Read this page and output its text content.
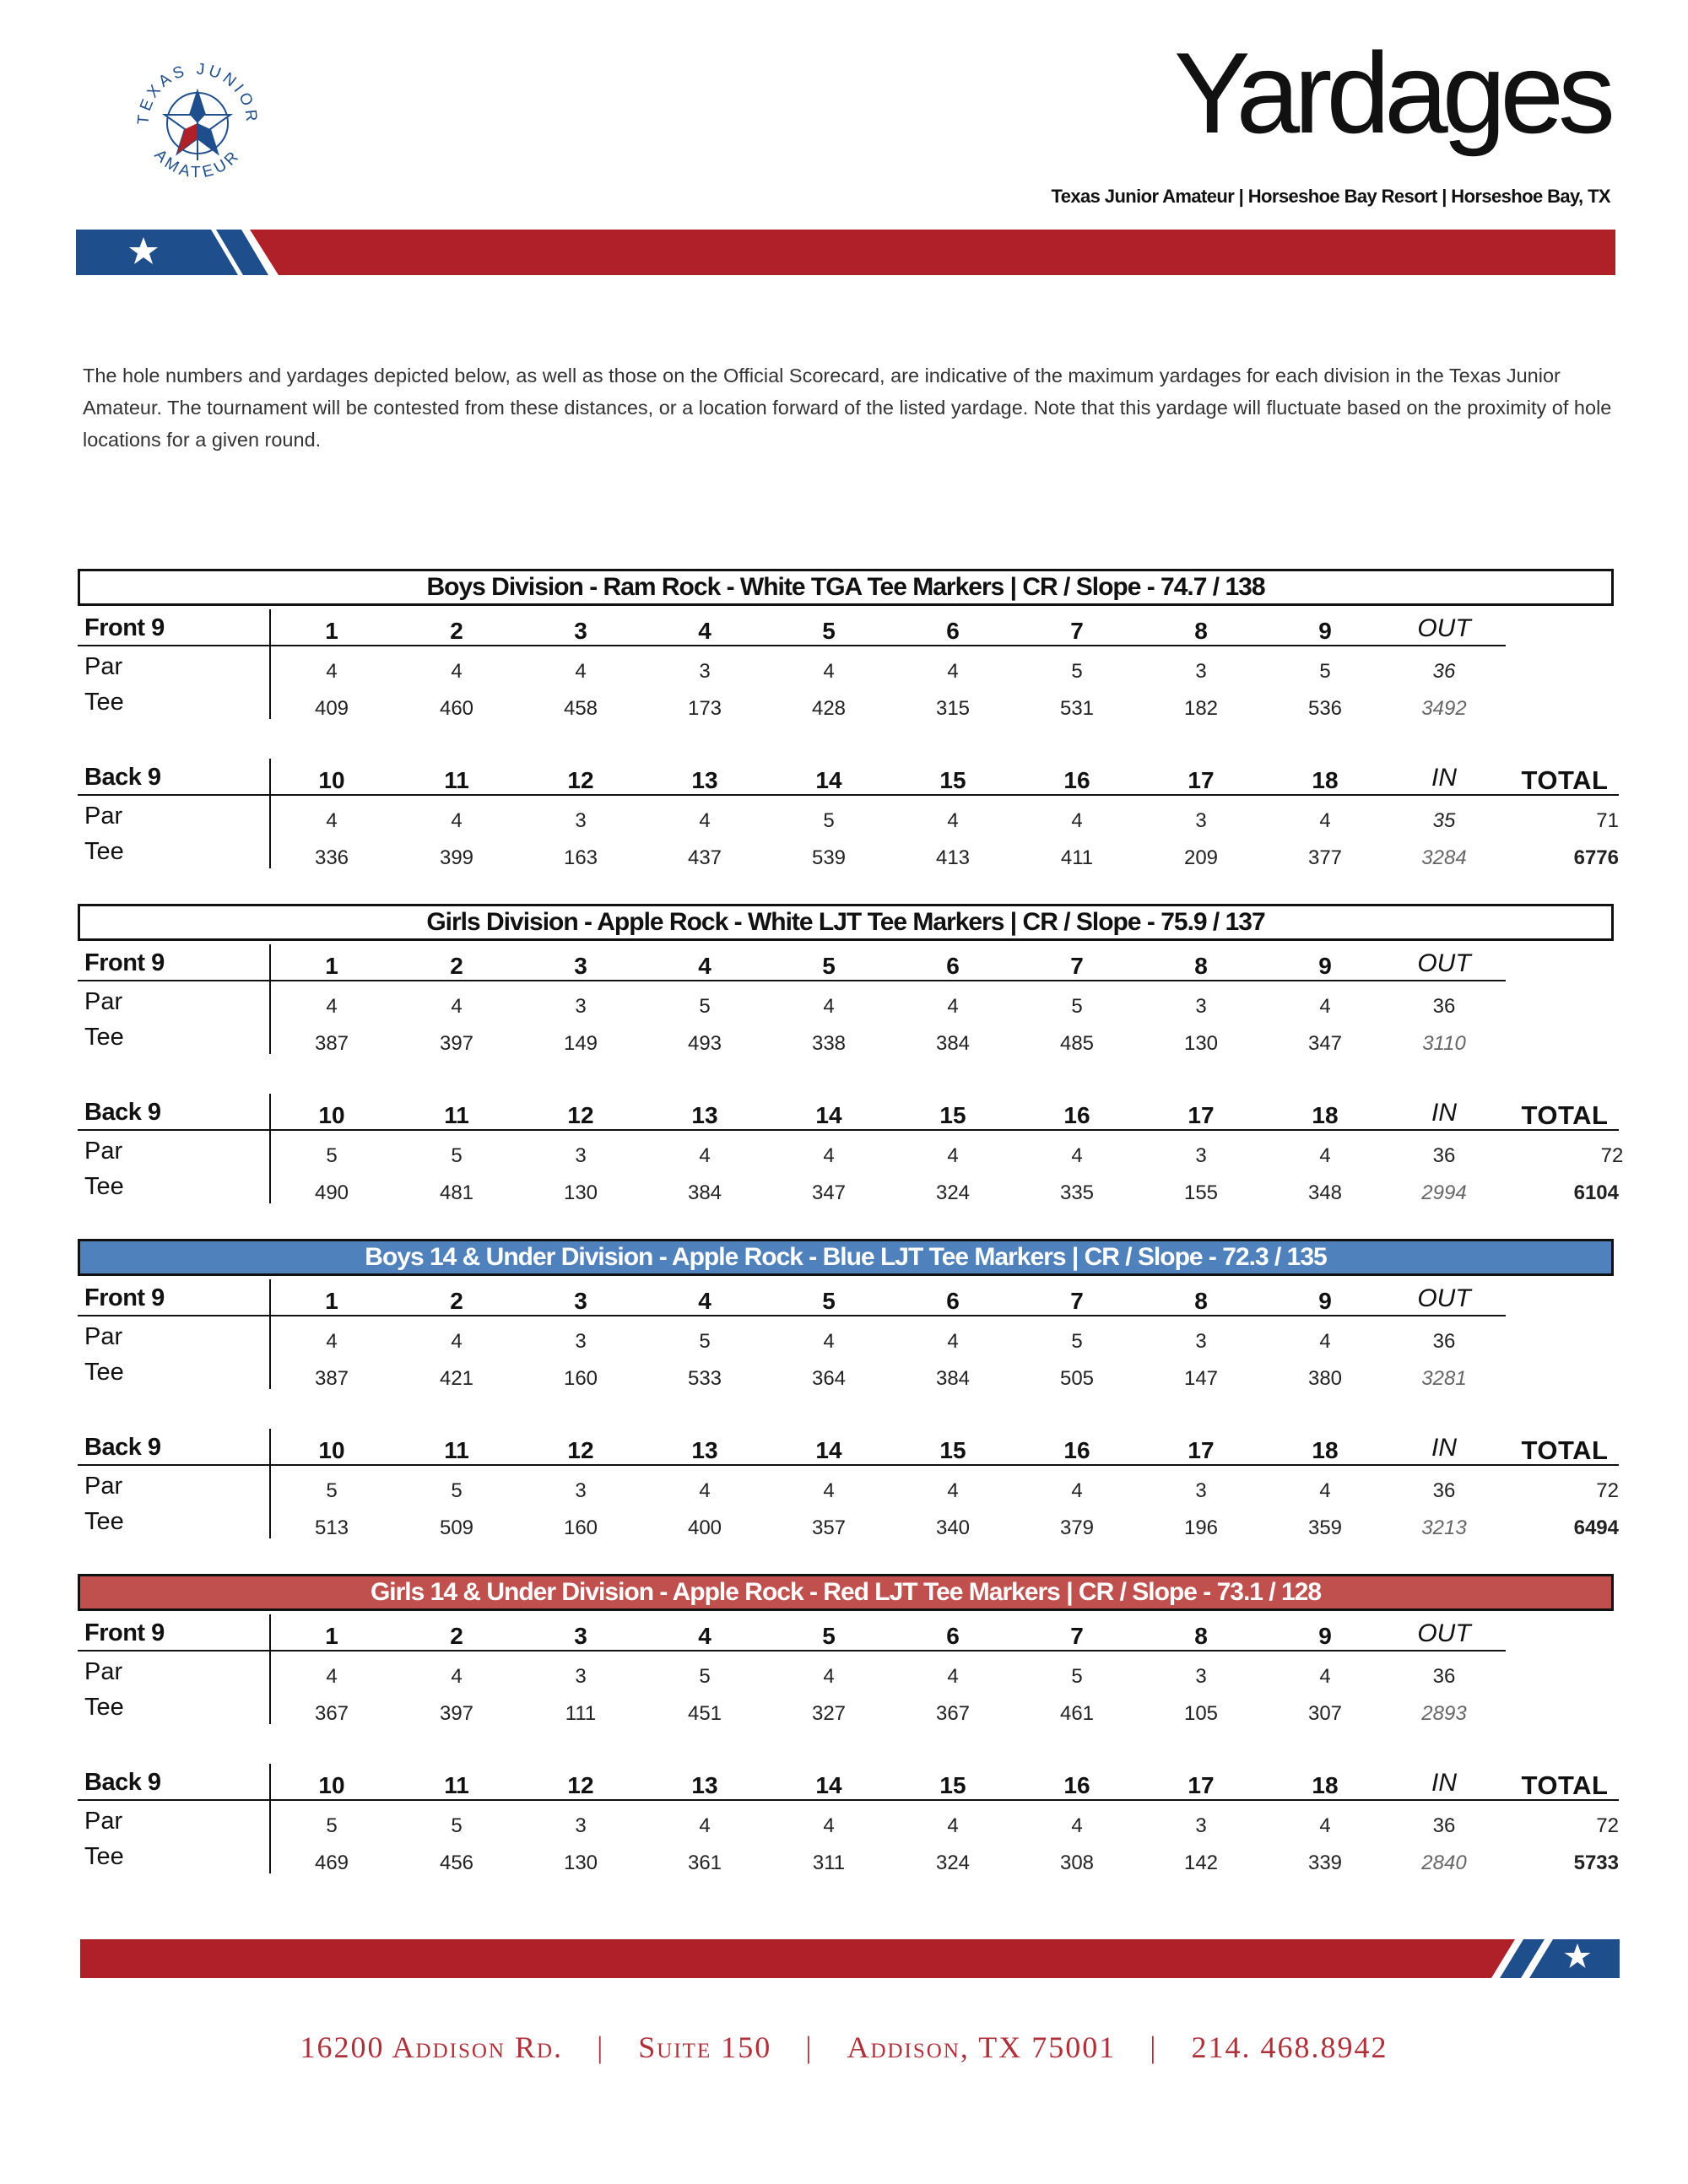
TEXAS JUNIOR
AMATEUR
Yardages
Texas Junior Amateur | Horseshoe Bay Resort | Horseshoe Bay, TX
The hole numbers and yardages depicted below, as well as those on the Official Scorecard, are indicative of the maximum yardages for each division in the Texas Junior Amateur. The tournament will be contested from these distances, or a location forward of the listed yardage. Note that this yardage will fluctuate based on the proximity of hole locations for a given round.
Boys Division - Ram Rock - White TGA Tee Markers | CR / Slope - 74.7 / 138
Front 9
Par
Tee
1
4
409
2
4
460
3
4
458
4
3
173
5
4
428
6
4
315
7
5
531
8
3
182
9
5
536
OUT
36
3492
Back 9
Par
Tee
10
4
336
11
4
399
12
3
163
13
4
437
14
5
539
15
4
413
16
4
411
17
3
209
18
4
377
IN
35
3284
TOTAL
71
6776
Girls Division - Apple Rock - White LJT Tee Markers | CR / Slope - 75.9 / 137
Front 9
Par
Tee
1
4
387
2
4
397
3
3
149
4
5
493
5
4
338
6
4
384
7
5
485
8
3
130
9
4
347
OUT
36
3110
Back 9
Par
Tee
10
5
490
11
5
481
12
3
130
13
4
384
14
4
347
15
4
324
16
4
335
17
3
155
18
4
348
IN
36
2994
TOTAL
72
6104
Boys 14 & Under Division - Apple Rock - Blue LJT Tee Markers | CR / Slope - 72.3 / 135
Front 9
Par
Tee
1
4
387
2
4
421
3
3
160
4
5
533
5
4
364
6
4
384
7
5
505
8
3
147
9
4
380
OUT
36
3281
Back 9
Par
Tee
10
5
513
11
5
509
12
3
160
13
4
400
14
4
357
15
4
340
16
4
379
17
3
196
18
4
359
IN
36
3213
TOTAL
72
6494
Girls 14 & Under Division - Apple Rock - Red LJT Tee Markers | CR / Slope - 73.1 / 128
Front 9
Par
Tee
1
4
367
2
4
397
3
3
111
4
5
451
5
4
327
6
4
367
7
5
461
8
3
105
9
4
307
OUT
36
2893
Back 9
Par
Tee
10
5
469
11
5
456
12
3
130
13
4
361
14
4
311
15
4
324
16
4
308
17
3
142
18
4
339
IN
36
2840
TOTAL
72
5733
16200 Addison Rd. | Suite 150 | Addison, TX 75001 | 214. 468.8942
